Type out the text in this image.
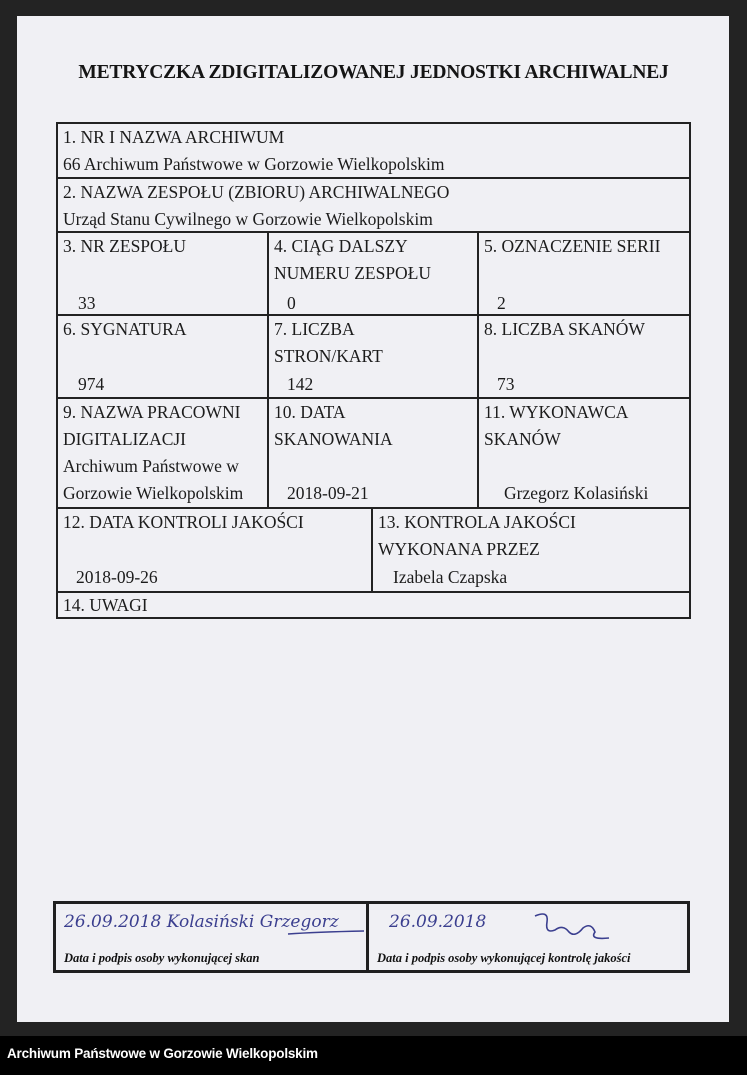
METRYCZKA ZDIGITALIZOWANEJ JEDNOSTKI ARCHIWALNEJ
1. NR I NAZWA ARCHIWUM
66 Archiwum Państwowe w Gorzowie Wielkopolskim
2. NAZWA ZESPOŁU (ZBIORU) ARCHIWALNEGO
Urząd Stanu Cywilnego w Gorzowie Wielkopolskim
3. NR ZESPOŁU
33
4. CIĄG DALSZY
NUMERU ZESPOŁU
0
5. OZNACZENIE SERII
2
6. SYGNATURA
974
7. LICZBA
STRON/KART
142
8. LICZBA SKANÓW
73
9. NAZWA PRACOWNI
DIGITALIZACJI
Archiwum Państwowe w
Gorzowie Wielkopolskim
10. DATA
SKANOWANIA
2018-09-21
11. WYKONAWCA
SKANÓW
Grzegorz Kolasiński
12. DATA KONTROLI JAKOŚCI
2018-09-26
13. KONTROLA JAKOŚCI
WYKONANA PRZEZ
Izabela Czapska
14. UWAGI
26.09.2018 Kolasiński Grzegorz
Data i podpis osoby wykonującej skan
26.09.2018
Data i podpis osoby wykonującej kontrolę jakości
Archiwum Państwowe w Gorzowie Wielkopolskim
